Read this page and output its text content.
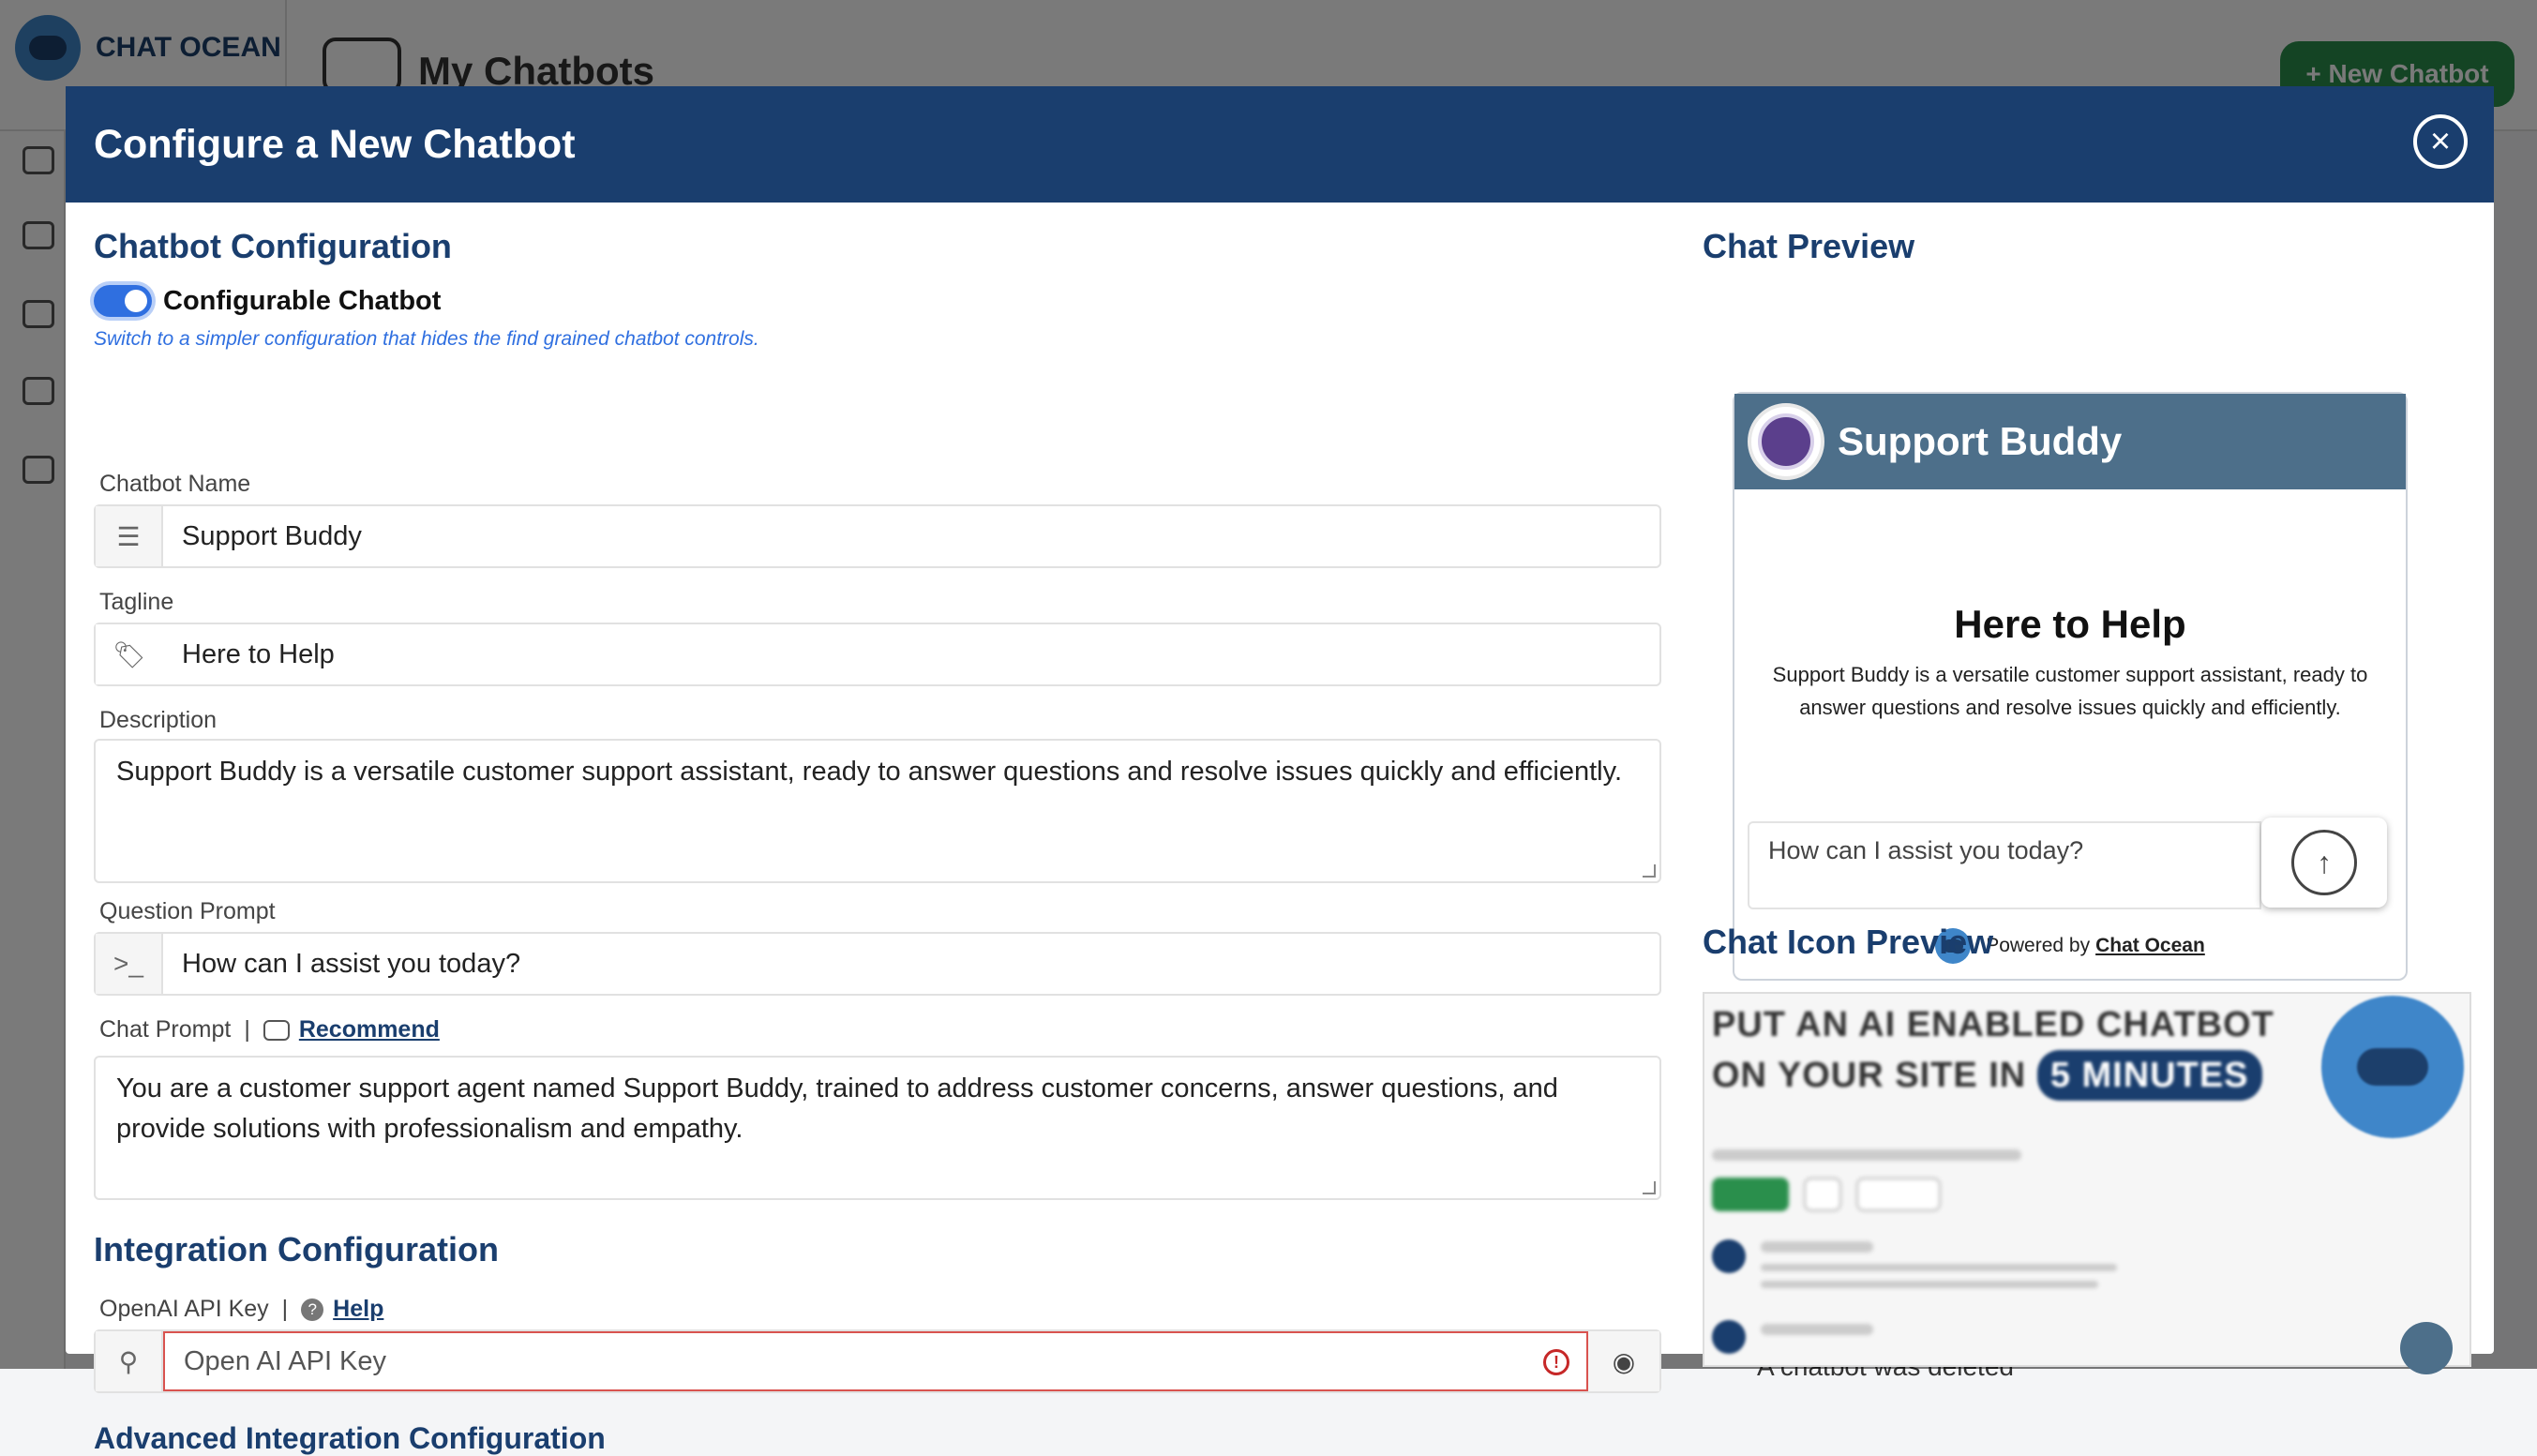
Configure a New Chatbot	×
Chatbot Configuration
Configurable Chatbot
Switch to a simpler configuration that hides the find grained chatbot controls.
Chatbot Name
☰	Support Buddy
Tagline
🏷	Here to Help
Description
Support Buddy is a versatile customer support assistant, ready to answer questions and resolve issues quickly and efficiently.
Question Prompt
>_	How can I assist you today?
Chat Prompt | Recommend
You are a customer support agent named Support Buddy, trained to address customer concerns, answer questions, and provide solutions with professionalism and empathy.
Integration Configuration
OpenAI API Key |	? Help
⚲	Open AI API Key	!	◉
Advanced Integration Configuration
Chat Preview
Support Buddy
Here to Help
Support Buddy is a versatile customer support assistant, ready to answer questions and resolve issues quickly and efficiently.
How can I assist you today?	↑
Powered by Chat Ocean
Chat Icon Preview
PUT AN AI ENABLED CHATBOT
ON YOUR SITE IN 5 MINUTES
